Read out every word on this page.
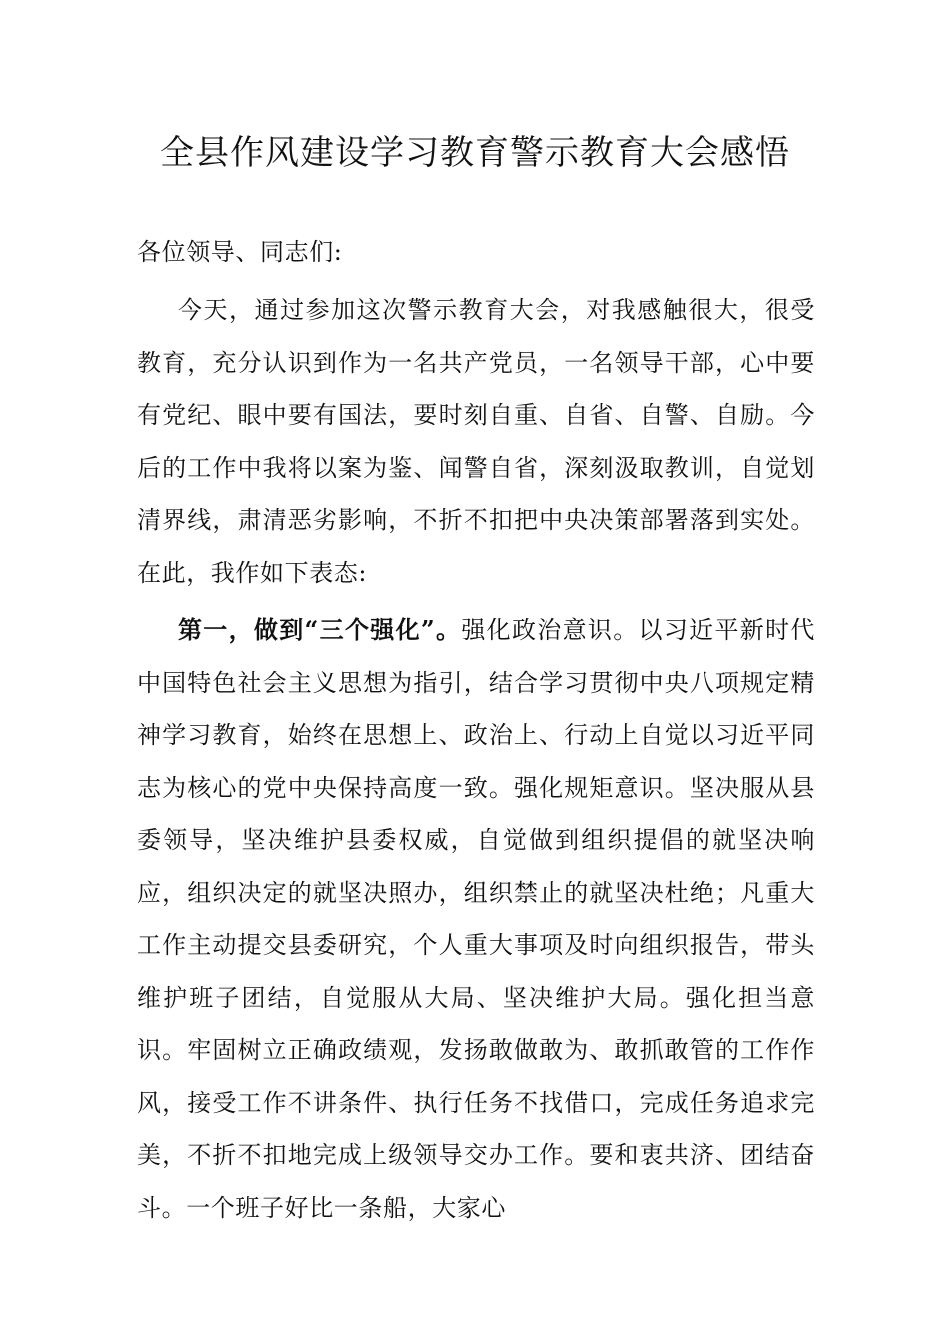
全县作风建设学习教育警示教育大会感悟

各位领导、同志们:

今天，通过参加这次警示教育大会，对我感触很大，很受教育，充分认识到作为一名共产党员，一名领导干部，心中要有党纪、眼中要有国法，要时刻自重、自省、自警、自励。今后的工作中我将以案为鉴、闻警自省，深刻汲取教训，自觉划清界线，肃清恶劣影响，不折不扣把中央决策部署落到实处。在此，我作如下表态:

第一，做到“三个强化”。强化政治意识。以习近平新时代中国特色社会主义思想为指引，结合学习贯彻中央八项规定精神学习教育，始终在思想上、政治上、行动上自觉以习近平同志为核心的党中央保持高度一致。强化规矩意识。坚决服从县委领导，坚决维护县委权威，自觉做到组织提倡的就坚决响应，组织决定的就坚决照办，组织禁止的就坚决杜绝；凡重大工作主动提交县委研究，个人重大事项及时向组织报告，带头维护班子团结，自觉服从大局、坚决维护大局。强化担当意识。牢固树立正确政绩观，发扬敢做敢为、敢抓敢管的工作作风，接受工作不讲条件、执行任务不找借口，完成任务追求完美，不折不扣地完成上级领导交办工作。要和衷共济、团结奋斗。一个班子好比一条船，大家心
